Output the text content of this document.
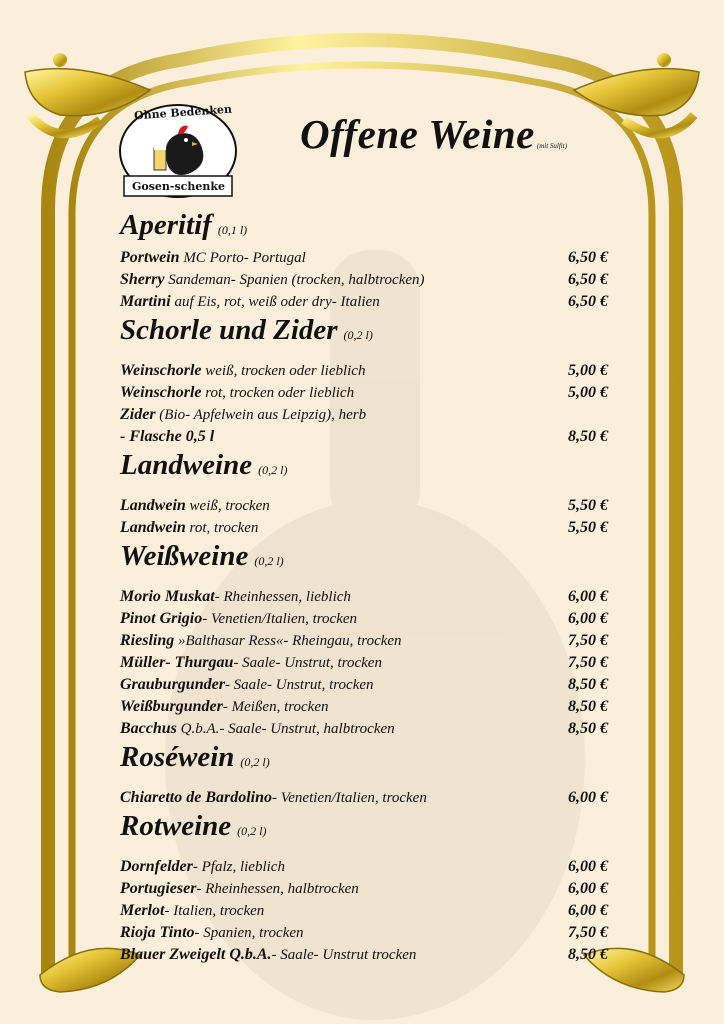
Ohne Bedenken
Gosen-schenke
Offene Weine (mit Sulfit)
Aperitif (0,1 l)
Portwein MC Porto- Portugal	6,50 €
Sherry Sandeman- Spanien (trocken, halbtrocken)	6,50 €
Martini auf Eis, rot, weiß oder dry- Italien	6,50 €
Schorle und Zider (0,2 l)
Weinschorle weiß, trocken oder lieblich	5,00 €
Weinschorle rot, trocken oder lieblich	5,00 €
Zider (Bio- Apfelwein aus Leipzig), herb
- Flasche 0,5 l	8,50 €
Landweine (0,2 l)
Landwein weiß, trocken	5,50 €
Landwein rot, trocken	5,50 €
Weißweine (0,2 l)
Morio Muskat- Rheinhessen, lieblich	6,00 €
Pinot Grigio- Venetien/Italien, trocken	6,00 €
Riesling »Balthasar Ress«- Rheingau, trocken	7,50 €
Müller- Thurgau- Saale- Unstrut, trocken	7,50 €
Grauburgunder- Saale- Unstrut, trocken	8,50 €
Weißburgunder- Meißen, trocken	8,50 €
Bacchus Q.b.A.- Saale- Unstrut, halbtrocken	8,50 €
Roséwein (0,2 l)
Chiaretto de Bardolino- Venetien/Italien, trocken	6,00 €
Rotweine (0,2 l)
Dornfelder- Pfalz, lieblich	6,00 €
Portugieser- Rheinhessen, halbtrocken	6,00 €
Merlot- Italien, trocken	6,00 €
Rioja Tinto- Spanien, trocken	7,50 €
Blauer Zweigelt Q.b.A.- Saale- Unstrut trocken	8,50 €
